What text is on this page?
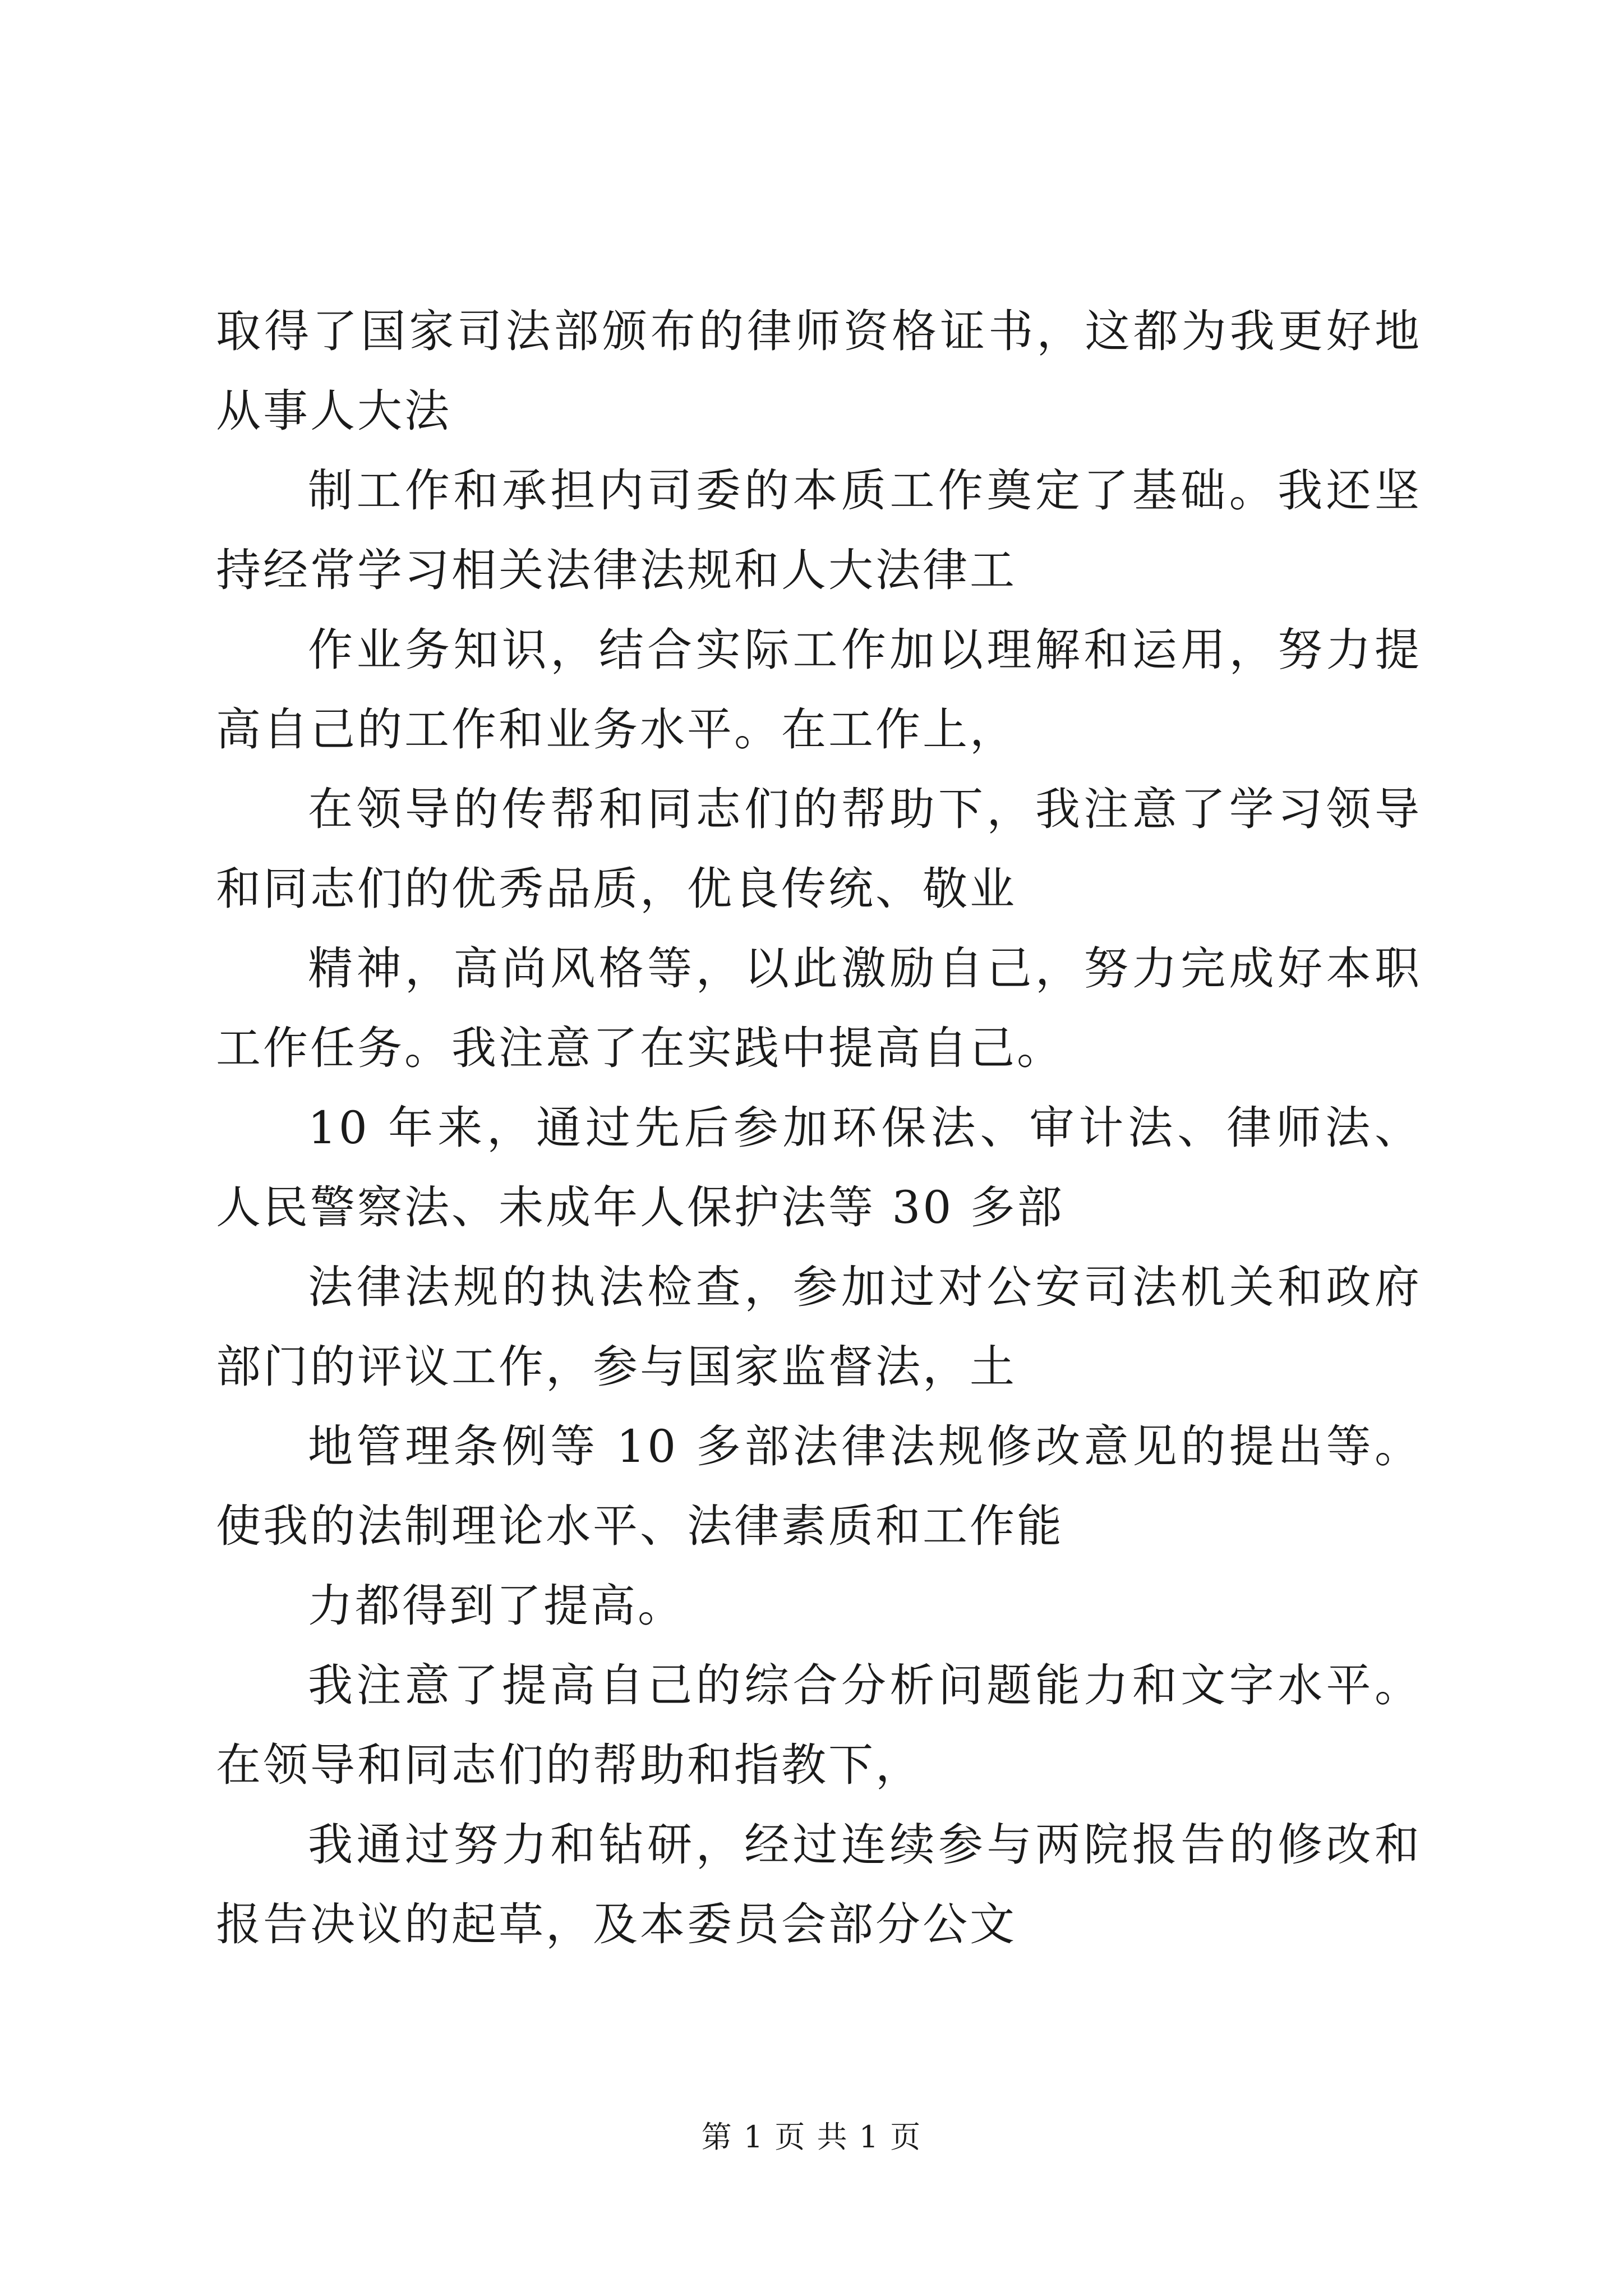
取得了国家司法部颁布的律师资格证书，这都为我更好地从事人大法

制工作和承担内司委的本质工作奠定了基础。我还坚持经常学习相关法律法规和人大法律工

作业务知识，结合实际工作加以理解和运用，努力提高自己的工作和业务水平。在工作上，

在领导的传帮和同志们的帮助下，我注意了学习领导和同志们的优秀品质，优良传统、敬业

精神，高尚风格等，以此激励自己，努力完成好本职工作任务。我注意了在实践中提高自己。

10 年来，通过先后参加环保法、审计法、律师法、人民警察法、未成年人保护法等 30 多部

法律法规的执法检查，参加过对公安司法机关和政府部门的评议工作，参与国家监督法，土

地管理条例等 10 多部法律法规修改意见的提出等。使我的法制理论水平、法律素质和工作能

力都得到了提高。

我注意了提高自己的综合分析问题能力和文字水平。在领导和同志们的帮助和指教下，

我通过努力和钻研，经过连续参与两院报告的修改和报告决议的起草，及本委员会部分公文

第 1 页 共 1 页
